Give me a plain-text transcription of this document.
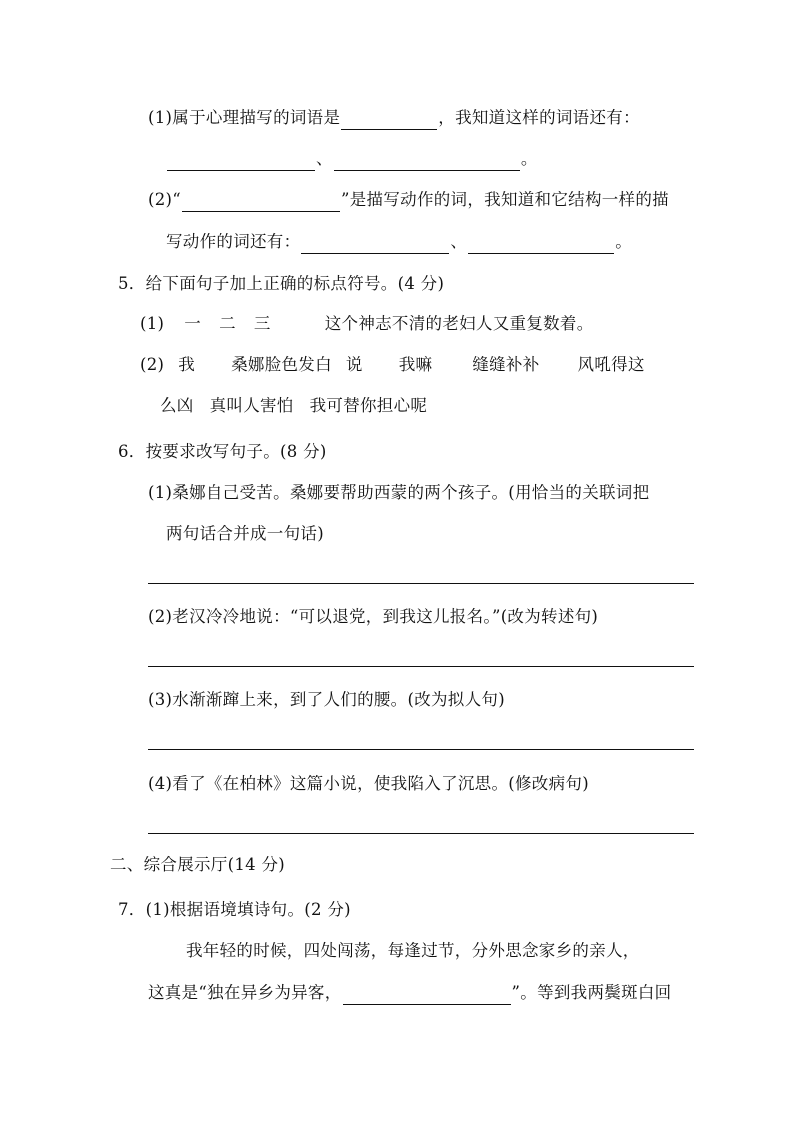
(1)属于心理描写的词语是	，我知道这样的词语还有：
、	。
(2)“	”是描写动作的词，我知道和它结构一样的描
写动作的词还有：	、	。
5．给下面句子加上正确的标点符号。(4 分)
(1) 一 二 三	这个神志不清的老妇人又重复数着。
(2) 我 桑娜脸色发白 说 我嘛 缝缝补补 风吼得这
么凶 真叫人害怕 我可替你担心呢
6．按要求改写句子。(8 分)
(1)桑娜自己受苦。桑娜要帮助西蒙的两个孩子。(用恰当的关联词把
两句话合并成一句话)
(2)老汉冷冷地说：“可以退党，到我这儿报名。”(改为转述句)
(3)水渐渐蹿上来，到了人们的腰。(改为拟人句)
(4)看了《在柏林》这篇小说，使我陷入了沉思。(修改病句)
二、综合展示厅(14 分)
7．(1)根据语境填诗句。(2 分)
我年轻的时候，四处闯荡，每逢过节，分外思念家乡的亲人，
这真是“独在异乡为异客，	”。等到我两鬓斑白回
